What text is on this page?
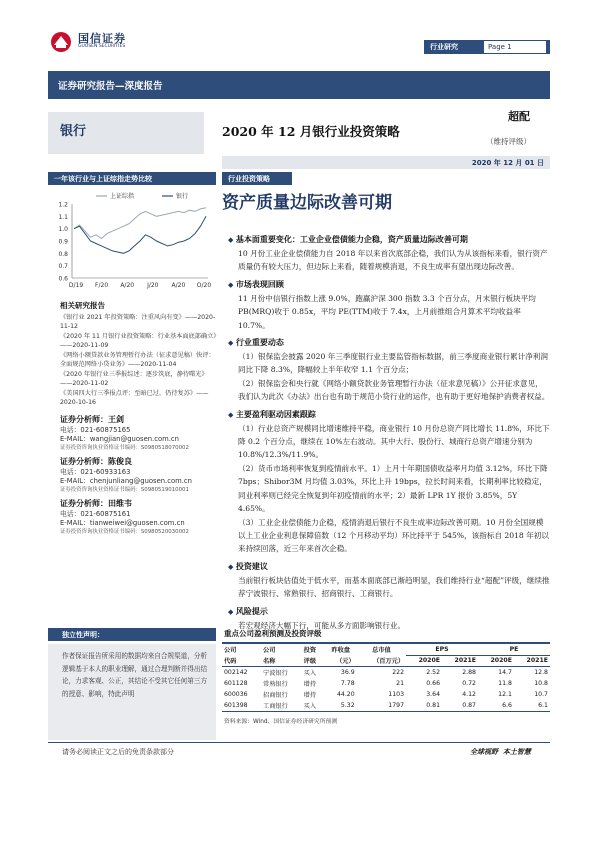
国信证券
GUOSEN SECURITIES	行业研究	Page 1
证券研究报告—深度报告
银行	2020 年 12 月银行业投资策略
超配
（维持评级）
2020 年 12 月 01 日
一年该行业与上证综指走势比较
1.2
1.1
1.0
0.9
0.8
0.7
0.6
D/19 F/20 A/20 J/20 A/20 O/20
上证综指	银行
相关研究报告
《银行业 2021 年投资策略：注重风向有变》——2020-11-12
《2020 年 11 月银行业投资策略：行业基本面底部确立》——2020-11-09
《网络小额贷款业务管理暂行办法（征求意见稿）快评：全面规范网络小贷业务》——2020-11-04
《2020 年银行业三季报综述：逐步筑底，静待曙光》——2020-11-02
《美国四大行三季报点评：至暗已过，仍待复苏》——2020-10-16
证券分析师：王剑
电话：021-60875165
E-MAIL：wangjian@guosen.com.cn
证券投资咨询执业资格证书编码：S0980518070002
证券分析师：陈俊良
电话：021-60933163
E-MAIL：chenjunliang@guosen.com.cn
证券投资咨询执业资格证书编码：S0980519010001
证券分析师：田维韦
电话：021-60875161
E-MAIL：tianweiwei@guosen.com.cn
证券投资咨询执业资格证书编码：S0980520030002
独立性声明：
作者保证报告所采用的数据均来自合规渠道，分析逻辑基于本人的职业理解，通过合理判断并得出结论，力求客观、公正，其结论不受其它任何第三方的授意、影响，特此声明
行业投资策略
资产质量边际改善可期
◆ 基本面重要变化：工业企业偿债能力企稳，资产质量边际改善可期

10 月份工业企业偿债能力自 2018 年以来首次底部企稳，我们认为从该指标来看，银行资产质量仍有较大压力，但边际上来看，随着规模消退，不良生成率有望出现边际改善。

◆ 市场表现回顾

11 月份中信银行指数上涨 9.0%，跑赢沪深 300 指数 3.3 个百分点，月末银行板块平均 PB(MRQ)收于 0.85x，平均 PE(TTM)收于 7.4x，上月前推组合月算术平均收益率 10.7%。

◆ 行业重要动态

（1）银保监会披露 2020 年三季度银行业主要监管指标数据，前三季度商业银行累计净利润同比下降 8.3%，降幅较上半年收窄 1.1 个百分点；

（2）银保监会和央行就《网络小额贷款业务管理暂行办法（征求意见稿）》公开征求意见，我们认为此次《办法》出台也有助于规范小贷行业的运作，也有助于更好地保护消费者权益。

◆ 主要盈利驱动因素跟踪

（1）行业总资产规模同比增速维持平稳，商业银行 10 月份总资产同比增长 11.8%，环比下降 0.2 个百分点，继续在 10%左右波动。其中大行、股份行、城商行总资产增速分别为 10.8%/12.3%/11.9%。

（2）货币市场利率恢复到疫情前水平。1）上月十年期国债收益率月均值 3.12%，环比下降 7bps；Shibor3M 月均值 3.03%，环比上升 19bps，拉长时间来看，长期利率比较稳定，同业利率则已经完全恢复到年初疫情前的水平；2）最新 LPR 1Y 报价 3.85%，5Y 4.65%。

（3）工业企业偿债能力企稳，疫情消退后银行不良生成率边际改善可期。10 月份全国规模以上工业企业利息保障倍数（12 个月移动平均）环比持平于 545%，该指标自 2018 年初以来持续回落，近三年来首次企稳。

◆ 投资建议

当前银行板块估值处于低水平，而基本面底部已渐趋明显，我们维持行业“超配”评级，继续推荐宁波银行、常熟银行、招商银行、工商银行。

◆ 风险提示

若宏观经济大幅下行，可能从多方面影响银行业。

重点公司盈利预测及投资评级
公司	公司	投资	昨收盘	总市值	EPS		PE	
代码	名称	评级	（元）	（百万元）	2020E	2021E	2020E	2021E
002142	宁波银行	买入	36.9	222	2.52	2.88	14.7	12.8
601128	常熟银行	增持	7.78	21	0.66	0.72	11.8	10.8
600036	招商银行	增持	44.20	1103	3.64	4.12	12.1	10.7
601398	工商银行	买入	5.32	1797	0.81	0.87	6.6	6.1
资料来源：Wind、国信证券经济研究所预测
请务必阅读正文之后的免责条款部分	全球视野  本土智慧
